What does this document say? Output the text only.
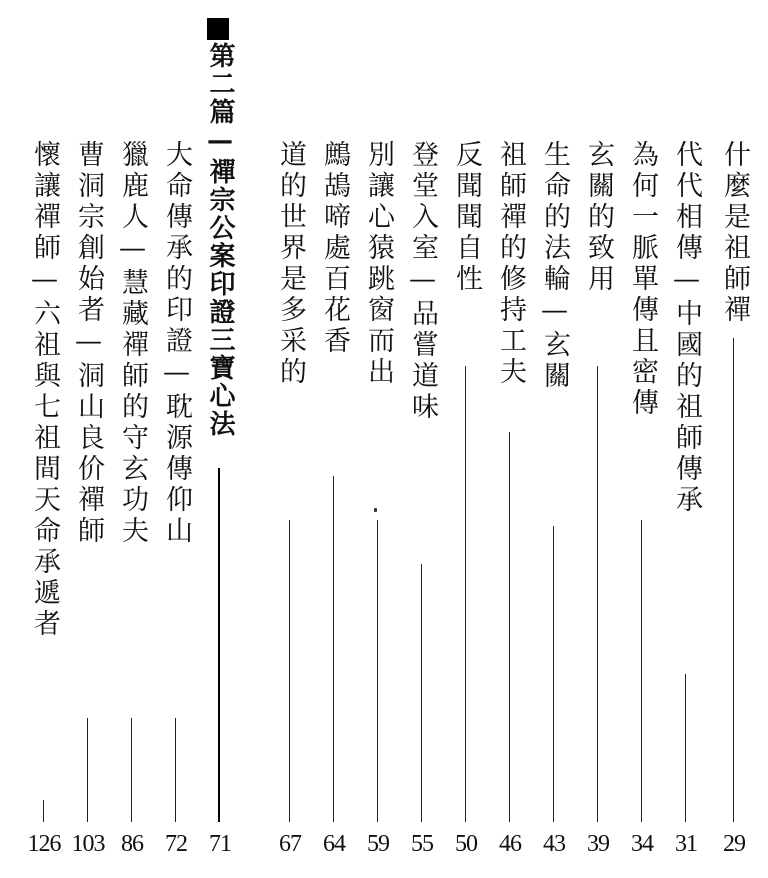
什麼是祖師禪
29
代代相傳—中國的祖師傳承
31
為何一脈單傳且密傳
34
玄關的致用
39
生命的法輪—玄關
43
祖師禪的修持工夫
46
反聞聞自性
50
登堂入室—品嘗道味
55
別讓心猿跳窗而出
59
鷓鴣啼處百花香
64
道的世界是多采的
67
第二篇—禪宗公案印證三寶心法
71
大命傳承的印證—耽源傳仰山
72
獵鹿人—慧藏禪師的守玄功夫
86
曹洞宗創始者—洞山良价禪師
103
懷讓禪師—六祖與七祖間天命承遞者
126
